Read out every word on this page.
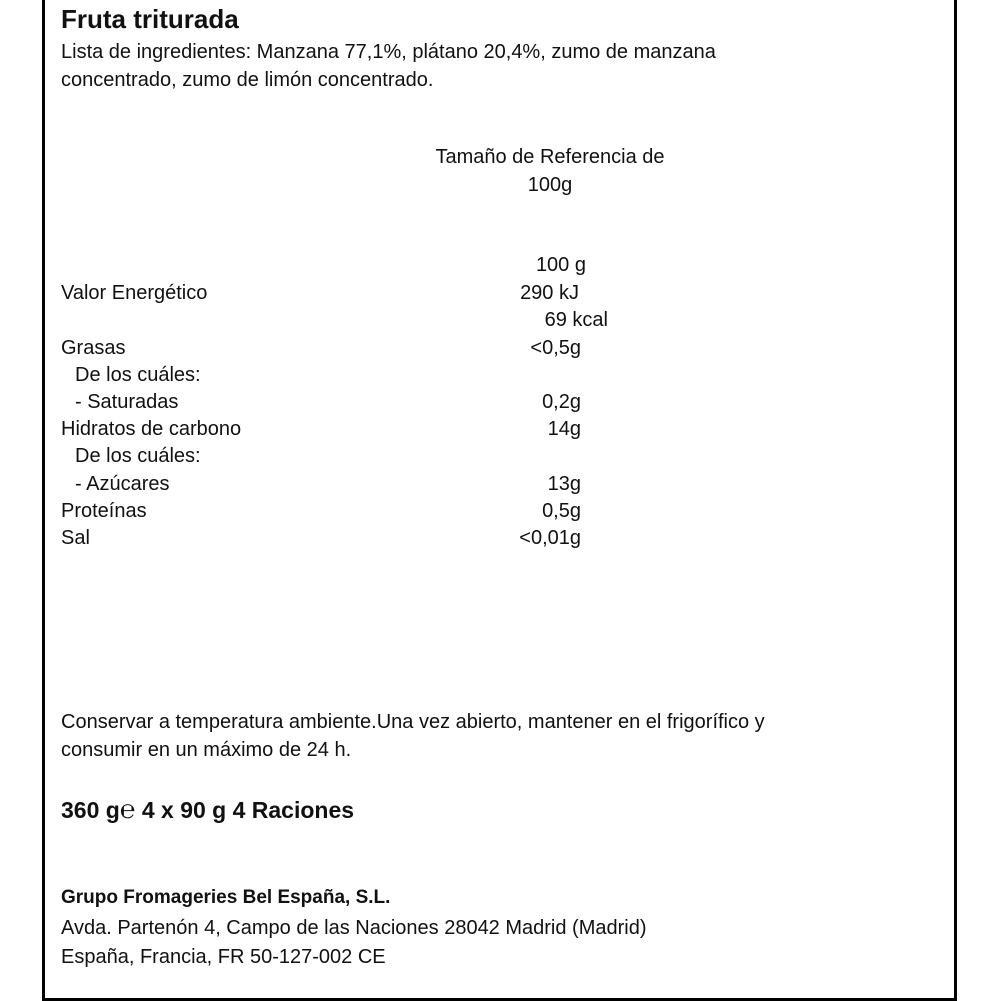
Fruta triturada
Lista de ingredientes: Manzana 77,1%, plátano 20,4%, zumo de manzana
concentrado, zumo de limón concentrado.
Tamaño de Referencia de
100g
100 g
Valor Energético	290 kJ
69 kcal
Grasas	<0,5g
De los cuáles:
- Saturadas	0,2g
Hidratos de carbono	14g
De los cuáles:
- Azúcares	13g
Proteínas	0,5g
Sal	<0,01g
Conservar a temperatura ambiente.Una vez abierto, mantener en el frigorífico y
consumir en un máximo de 24 h.
360 g℮ 4 x 90 g 4 Raciones
Grupo Fromageries Bel España, S.L.
Avda. Partenón 4, Campo de las Naciones 28042 Madrid (Madrid)
España, Francia, FR 50-127-002 CE
